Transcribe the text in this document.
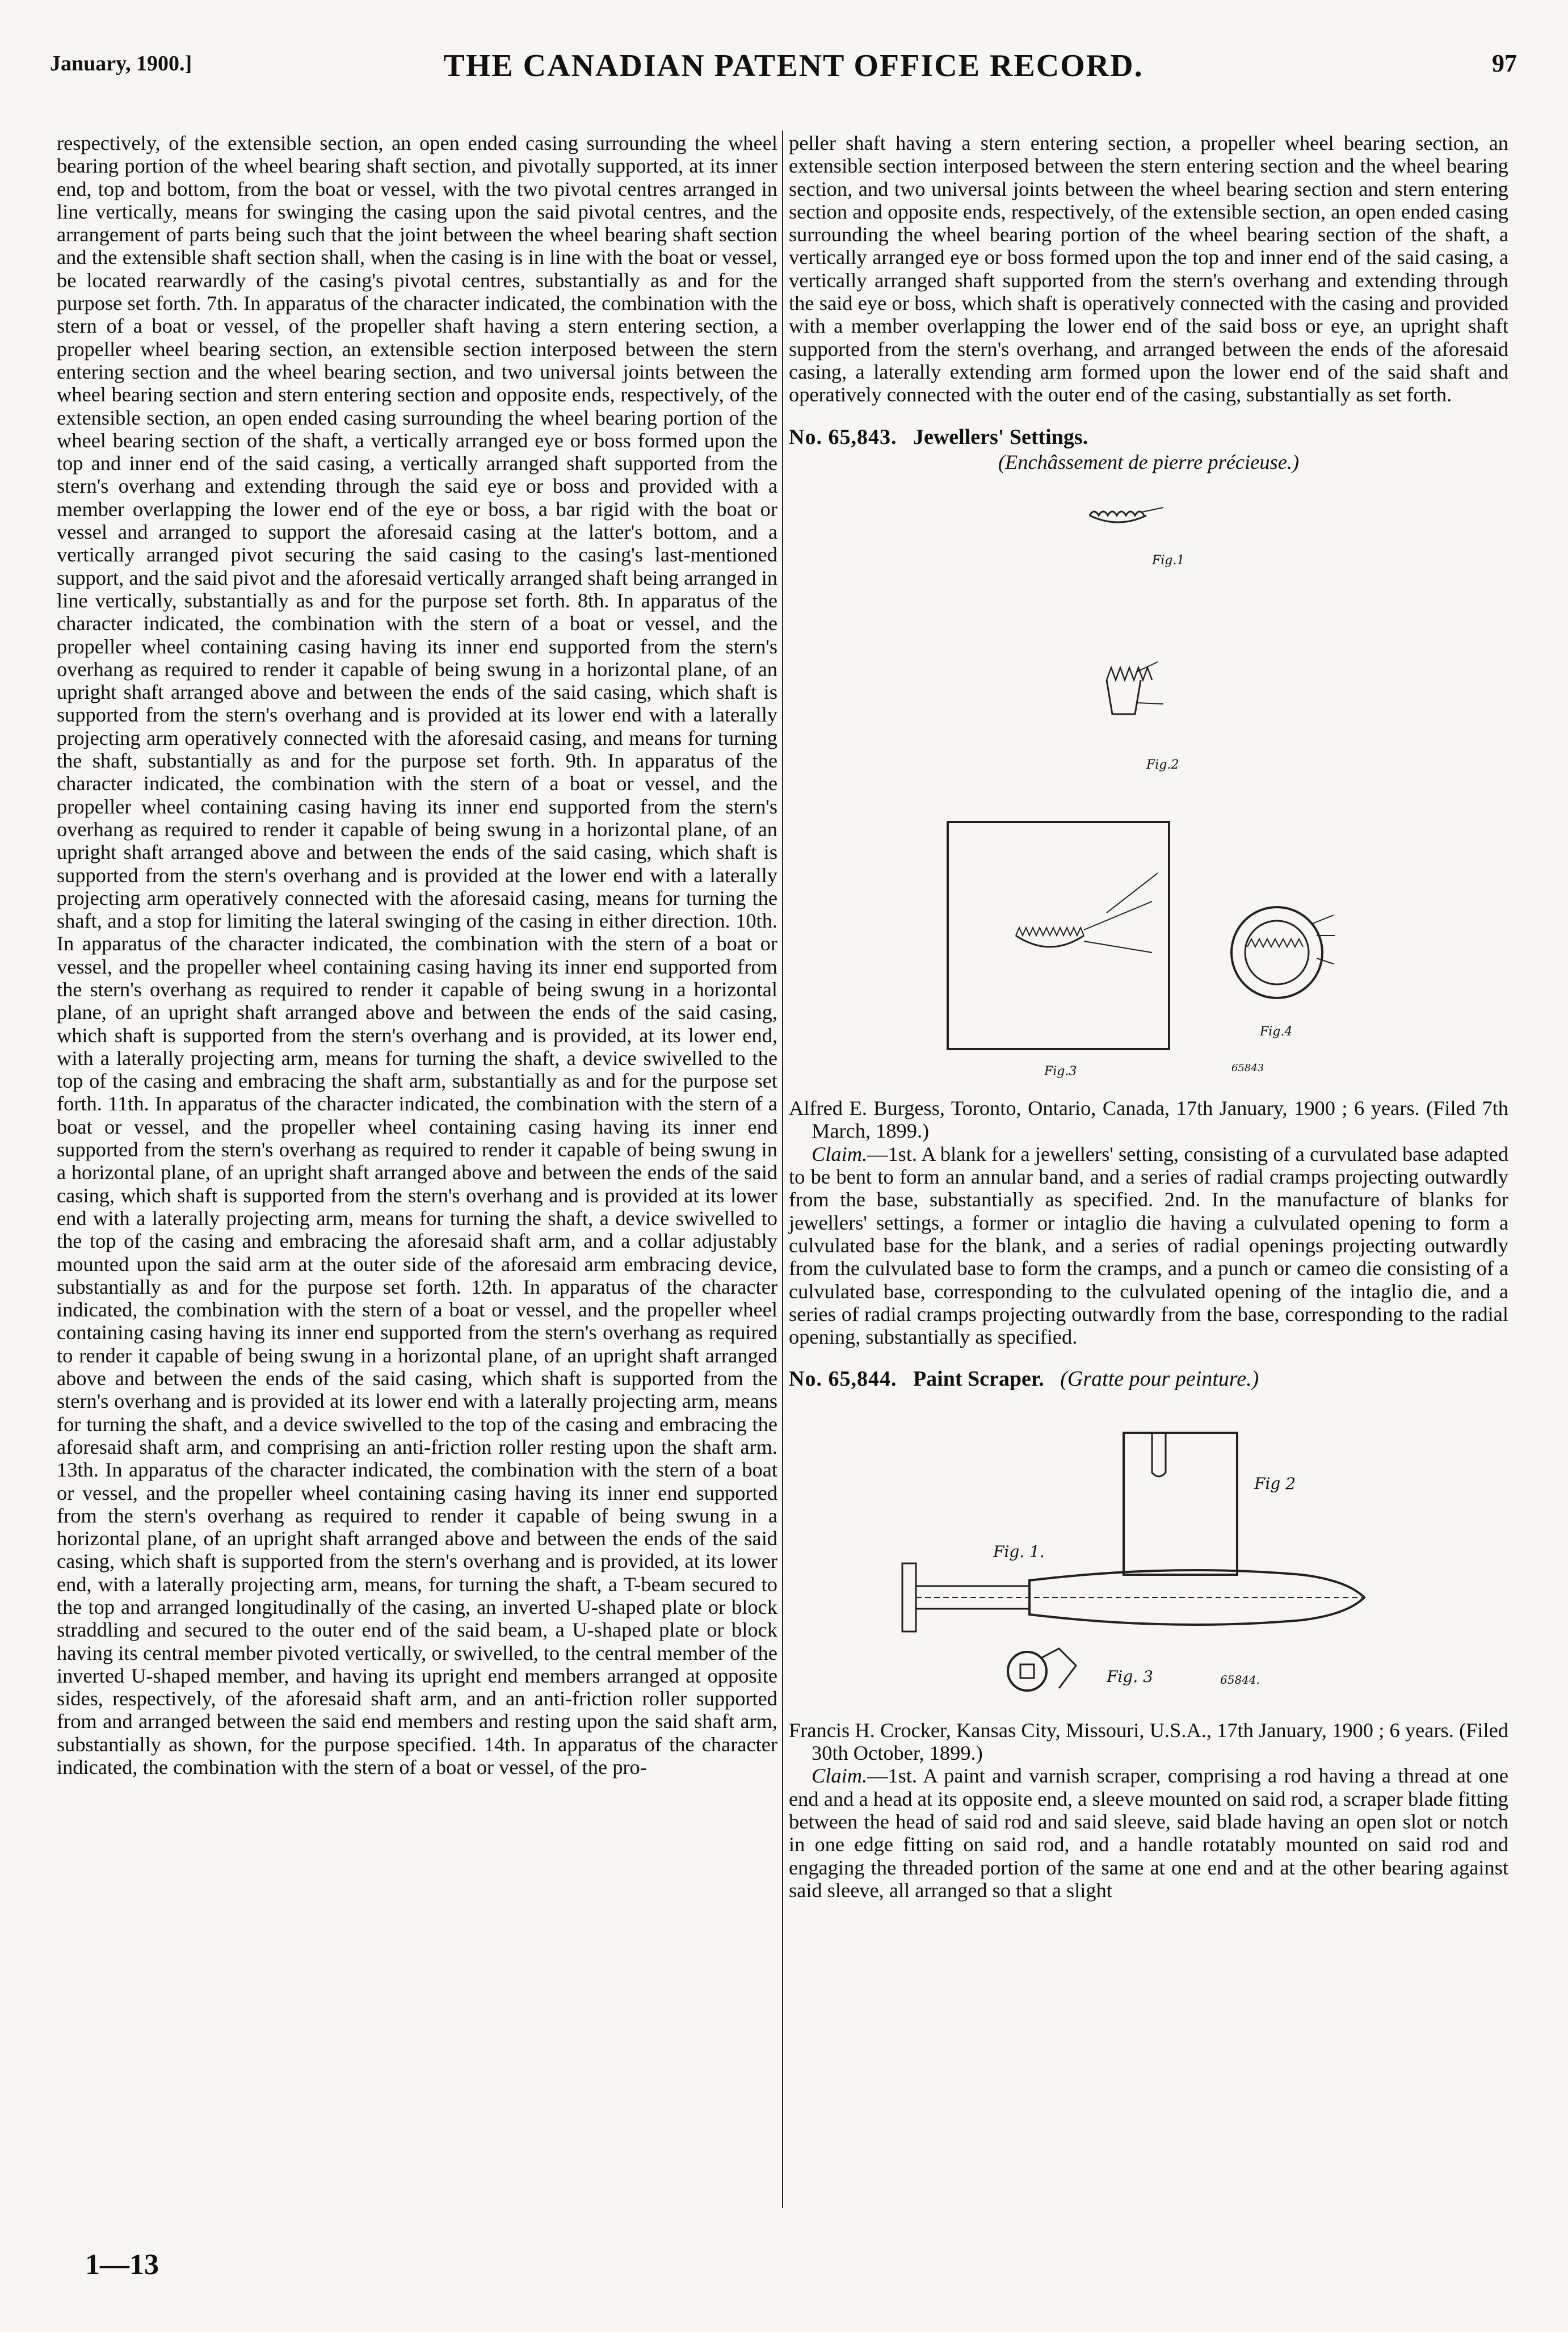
January, 1900.]	THE CANADIAN PATENT OFFICE RECORD.	97

respectively, of the extensible section, an open ended casing surrounding the wheel bearing portion of the wheel bearing shaft section, and pivotally supported, at its inner end, top and bottom, from the boat or vessel, with the two pivotal centres arranged in line vertically, means for swinging the casing upon the said pivotal centres, and the arrangement of parts being such that the joint between the wheel bearing shaft section and the extensible shaft section shall, when the casing is in line with the boat or vessel, be located rearwardly of the casing's pivotal centres, substantially as and for the purpose set forth. 7th. In apparatus of the character indicated, the combination with the stern of a boat or vessel, of the propeller shaft having a stern entering section, a propeller wheel bearing section, an extensible section interposed between the stern entering section and the wheel bearing section, and two universal joints between the wheel bearing section and stern entering section and opposite ends, respectively, of the extensible section, an open ended casing surrounding the wheel bearing portion of the wheel bearing section of the shaft, a vertically arranged eye or boss formed upon the top and inner end of the said casing, a vertically arranged shaft supported from the stern's overhang and extending through the said eye or boss and provided with a member overlapping the lower end of the eye or boss, a bar rigid with the boat or vessel and arranged to support the aforesaid casing at the latter's bottom, and a vertically arranged pivot securing the said casing to the casing's last-mentioned support, and the said pivot and the aforesaid vertically arranged shaft being arranged in line vertically, substantially as and for the purpose set forth. 8th. In apparatus of the character indicated, the combination with the stern of a boat or vessel, and the propeller wheel containing casing having its inner end supported from the stern's overhang as required to render it capable of being swung in a horizontal plane, of an upright shaft arranged above and between the ends of the said casing, which shaft is supported from the stern's overhang and is provided at its lower end with a laterally projecting arm operatively connected with the aforesaid casing, and means for turning the shaft, substantially as and for the purpose set forth. 9th. In apparatus of the character indicated, the combination with the stern of a boat or vessel, and the propeller wheel containing casing having its inner end supported from the stern's overhang as required to render it capable of being swung in a horizontal plane, of an upright shaft arranged above and between the ends of the said casing, which shaft is supported from the stern's overhang and is provided at the lower end with a laterally projecting arm operatively connected with the aforesaid casing, means for turning the shaft, and a stop for limiting the lateral swinging of the casing in either direction. 10th. In apparatus of the character indicated, the combination with the stern of a boat or vessel, and the propeller wheel containing casing having its inner end supported from the stern's overhang as required to render it capable of being swung in a horizontal plane, of an upright shaft arranged above and between the ends of the said casing, which shaft is supported from the stern's overhang and is provided, at its lower end, with a laterally projecting arm, means for turning the shaft, a device swivelled to the top of the casing and embracing the shaft arm, substantially as and for the purpose set forth. 11th. In apparatus of the character indicated, the combination with the stern of a boat or vessel, and the propeller wheel containing casing having its inner end supported from the stern's overhang as required to render it capable of being swung in a horizontal plane, of an upright shaft arranged above and between the ends of the said casing, which shaft is supported from the stern's overhang and is provided at its lower end with a laterally projecting arm, means for turning the shaft, a device swivelled to the top of the casing and embracing the aforesaid shaft arm, and a collar adjustably mounted upon the said arm at the outer side of the aforesaid arm embracing device, substantially as and for the purpose set forth. 12th. In apparatus of the character indicated, the combination with the stern of a boat or vessel, and the propeller wheel containing casing having its inner end supported from the stern's overhang as required to render it capable of being swung in a horizontal plane, of an upright shaft arranged above and between the ends of the said casing, which shaft is supported from the stern's overhang and is provided at its lower end with a laterally projecting arm, means for turning the shaft, and a device swivelled to the top of the casing and embracing the aforesaid shaft arm, and comprising an anti-friction roller resting upon the shaft arm. 13th. In apparatus of the character indicated, the combination with the stern of a boat or vessel, and the propeller wheel containing casing having its inner end supported from the stern's overhang as required to render it capable of being swung in a horizontal plane, of an upright shaft arranged above and between the ends of the said casing, which shaft is supported from the stern's overhang and is provided, at its lower end, with a laterally projecting arm, means, for turning the shaft, a T-beam secured to the top and arranged longitudinally of the casing, an inverted U-shaped plate or block straddling and secured to the outer end of the said beam, a U-shaped plate or block having its central member pivoted vertically, or swivelled, to the central member of the inverted U-shaped member, and having its upright end members arranged at opposite sides, respectively, of the aforesaid shaft arm, and an anti-friction roller supported from and arranged between the said end members and resting upon the said shaft arm, substantially as shown, for the purpose specified. 14th. In apparatus of the character indicated, the combination with the stern of a boat or vessel, of the pro-

peller shaft having a stern entering section, a propeller wheel bearing section, an extensible section interposed between the stern entering section and the wheel bearing section, and two universal joints between the wheel bearing section and stern entering section and opposite ends, respectively, of the extensible section, an open ended casing surrounding the wheel bearing portion of the wheel bearing section of the shaft, a vertically arranged eye or boss formed upon the top and inner end of the said casing, a vertically arranged shaft supported from the stern's overhang and extending through the said eye or boss, which shaft is operatively connected with the casing and provided with a member overlapping the lower end of the said boss or eye, an upright shaft supported from the stern's overhang, and arranged between the ends of the aforesaid casing, a laterally extending arm formed upon the lower end of the said shaft and operatively connected with the outer end of the casing, substantially as set forth.

No. 65,843. Jewellers' Settings.
(Enchâssement de pierre précieuse.)
Fig.1
Fig.2
Fig.3
Fig.4
65843

Alfred E. Burgess, Toronto, Ontario, Canada, 17th January, 1900 ; 6 years. (Filed 7th March, 1899.)

Claim.—1st. A blank for a jewellers' setting, consisting of a curvulated base adapted to be bent to form an annular band, and a series of radial cramps projecting outwardly from the base, substantially as specified. 2nd. In the manufacture of blanks for jewellers' settings, a former or intaglio die having a culvulated opening to form a culvulated base for the blank, and a series of radial openings projecting outwardly from the culvulated base to form the cramps, and a punch or cameo die consisting of a culvulated base, corresponding to the culvulated opening of the intaglio die, and a series of radial cramps projecting outwardly from the base, corresponding to the radial opening, substantially as specified.

No. 65,844. Paint Scraper. (Gratte pour peinture.)
Fig 2
Fig. 1.
Fig. 3	65844.

Francis H. Crocker, Kansas City, Missouri, U.S.A., 17th January, 1900 ; 6 years. (Filed 30th October, 1899.)

Claim.—1st. A paint and varnish scraper, comprising a rod having a thread at one end and a head at its opposite end, a sleeve mounted on said rod, a scraper blade fitting between the head of said rod and said sleeve, said blade having an open slot or notch in one edge fitting on said rod, and a handle rotatably mounted on said rod and engaging the threaded portion of the same at one end and at the other bearing against said sleeve, all arranged so that a slight

1—13
